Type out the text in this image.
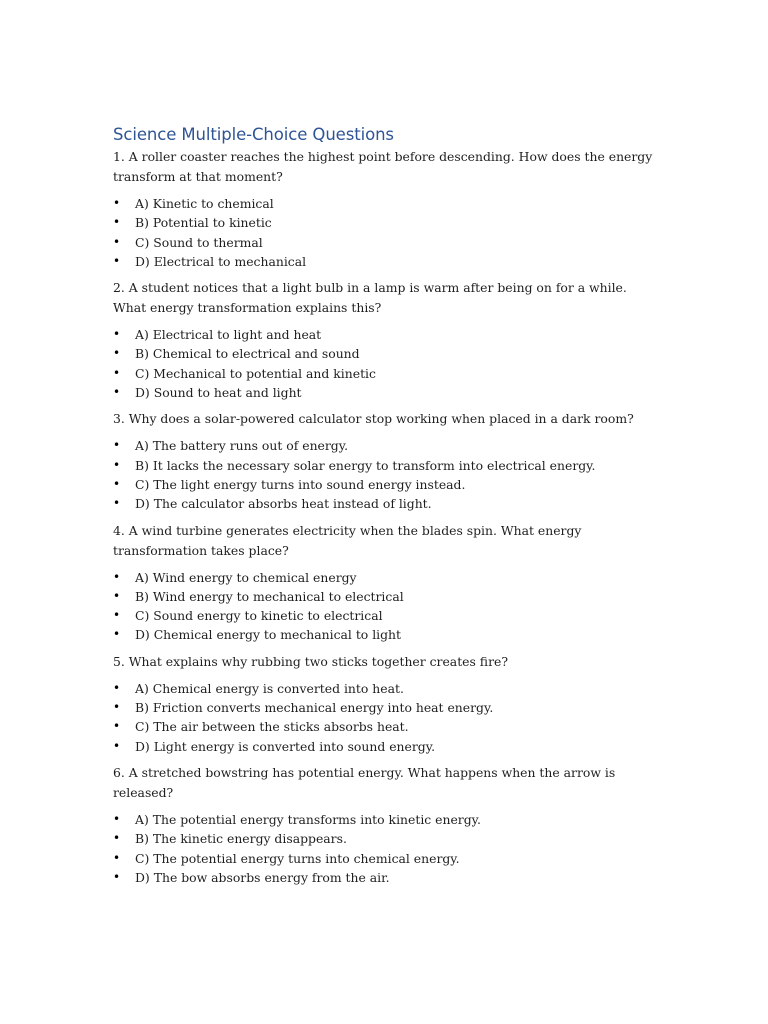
Science Multiple-Choice Questions

1. A roller coaster reaches the highest point before descending. How does the energy transform at that moment?

•	A) Kinetic to chemical
•	B) Potential to kinetic
•	C) Sound to thermal
•	D) Electrical to mechanical

2. A student notices that a light bulb in a lamp is warm after being on for a while. What energy transformation explains this?

•	A) Electrical to light and heat
•	B) Chemical to electrical and sound
•	C) Mechanical to potential and kinetic
•	D) Sound to heat and light

3. Why does a solar-powered calculator stop working when placed in a dark room?

•	A) The battery runs out of energy.
•	B) It lacks the necessary solar energy to transform into electrical energy.
•	C) The light energy turns into sound energy instead.
•	D) The calculator absorbs heat instead of light.

4. A wind turbine generates electricity when the blades spin. What energy transformation takes place?

•	A) Wind energy to chemical energy
•	B) Wind energy to mechanical to electrical
•	C) Sound energy to kinetic to electrical
•	D) Chemical energy to mechanical to light

5. What explains why rubbing two sticks together creates fire?

•	A) Chemical energy is converted into heat.
•	B) Friction converts mechanical energy into heat energy.
•	C) The air between the sticks absorbs heat.
•	D) Light energy is converted into sound energy.

6. A stretched bowstring has potential energy. What happens when the arrow is released?

•	A) The potential energy transforms into kinetic energy.
•	B) The kinetic energy disappears.
•	C) The potential energy turns into chemical energy.
•	D) The bow absorbs energy from the air.
